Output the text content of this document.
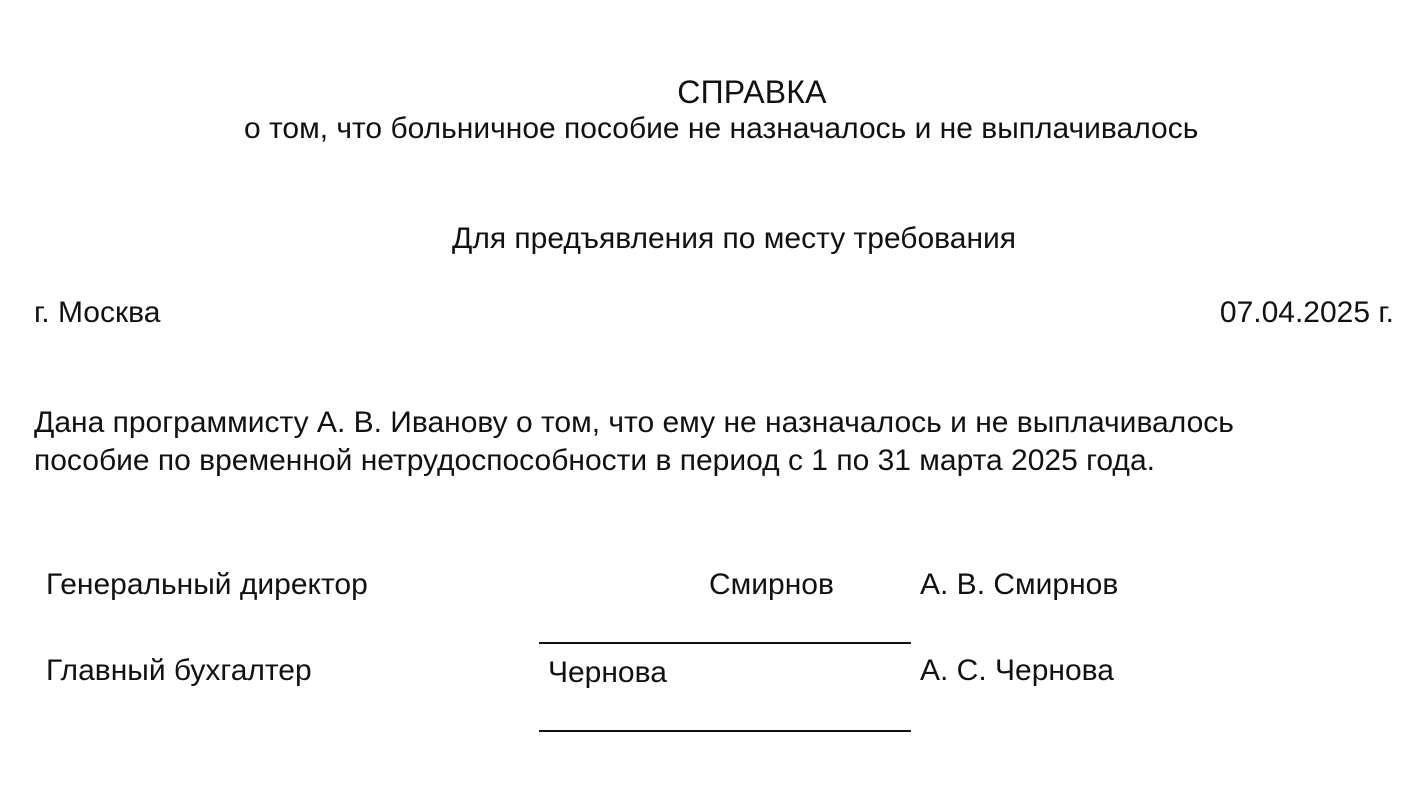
СПРАВКА
о том, что больничное пособие не назначалось и не выплачивалось
Для предъявления по месту требования
г. Москва	07.04.2025 г.

Дана программисту А. В. Иванову о том, что ему не назначалось и не выплачивалось

пособие по временной нетрудоспособности в период с 1 по 31 марта 2025 года.

Генеральный директор	Смирнов	А. В. Смирнов
Главный бухгалтер	Чернова	А. С. Чернова
